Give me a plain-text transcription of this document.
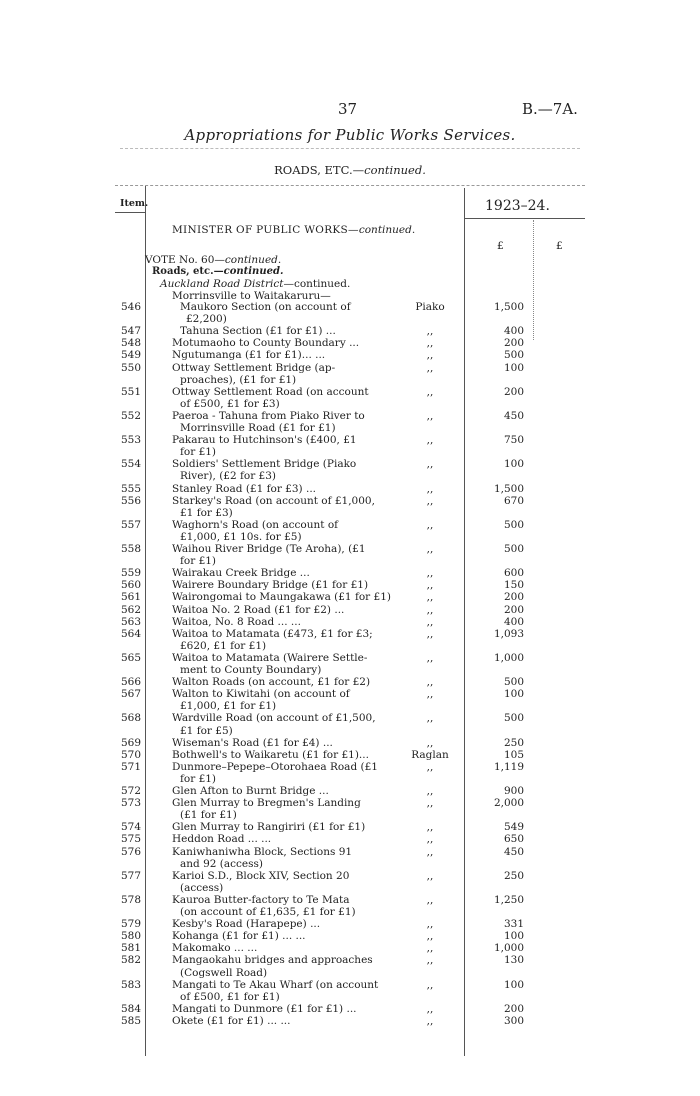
37	B.—7A.
Appropriations for Public Works Services.
ROADS, ETC.—continued.
Item.	1923–24.
MINISTER OF PUBLIC WORKS—continued.
£	£
VOTE No. 60—continued.
Roads, etc.—continued.
Auckland Road District—continued.
Morrinsville to Waitakaruru—
546	Maukoro Section (on account of	Piako	1,500
£2,200)
547	Tahuna Section (£1 for £1) ...	,,	400
548	Motumaoho to County Boundary ...	,,	200
549	Ngutumanga (£1 for £1)... ...	,,	500
550	Ottway Settlement Bridge (ap-	,,	100
proaches), (£1 for £1)
551	Ottway Settlement Road (on account	,,	200
of £500, £1 for £3)
552	Paeroa - Tahuna from Piako River to	,,	450
Morrinsville Road (£1 for £1)
553	Pakarau to Hutchinson's (£400, £1	,,	750
for £1)
554	Soldiers' Settlement Bridge (Piako	,,	100
River), (£2 for £3)
555	Stanley Road (£1 for £3) ...	,,	1,500
556	Starkey's Road (on account of £1,000,	,,	670
£1 for £3)
557	Waghorn's Road (on account of	,,	500
£1,000, £1 10s. for £5)
558	Waihou River Bridge (Te Aroha), (£1	,,	500
for £1)
559	Wairakau Creek Bridge ...	,,	600
560	Wairere Boundary Bridge (£1 for £1)	,,	150
561	Wairongomai to Maungakawa (£1 for £1)	,,	200
562	Waitoa No. 2 Road (£1 for £2) ...	,,	200
563	Waitoa, No. 8 Road ... ...	,,	400
564	Waitoa to Matamata (£473, £1 for £3;	,,	1,093
£620, £1 for £1)
565	Waitoa to Matamata (Wairere Settle-	,,	1,000
ment to County Boundary)
566	Walton Roads (on account, £1 for £2)	,,	500
567	Walton to Kiwitahi (on account of	,,	100
£1,000, £1 for £1)
568	Wardville Road (on account of £1,500,	,,	500
£1 for £5)
569	Wiseman's Road (£1 for £4) ...	,,	250
570	Bothwell's to Waikaretu (£1 for £1)...	Raglan	105
571	Dunmore–Pepepe–Otorohaea Road (£1	,,	1,119
for £1)
572	Glen Afton to Burnt Bridge ...	,,	900
573	Glen Murray to Bregmen's Landing	,,	2,000
(£1 for £1)
574	Glen Murray to Rangiriri (£1 for £1)	,,	549
575	Heddon Road ... ...	,,	650
576	Kaniwhaniwha Block, Sections 91	,,	450
and 92 (access)
577	Karioi S.D., Block XIV, Section 20	,,	250
(access)
578	Kauroa Butter-factory to Te Mata	,,	1,250
(on account of £1,635, £1 for £1)
579	Kesby's Road (Harapepe) ...	,,	331
580	Kohanga (£1 for £1) ... ...	,,	100
581	Makomako ... ...	,,	1,000
582	Mangaokahu bridges and approaches	,,	130
(Cogswell Road)
583	Mangati to Te Akau Wharf (on account	,,	100
of £500, £1 for £1)
584	Mangati to Dunmore (£1 for £1) ...	,,	200
585	Okete (£1 for £1) ... ...	,,	300
